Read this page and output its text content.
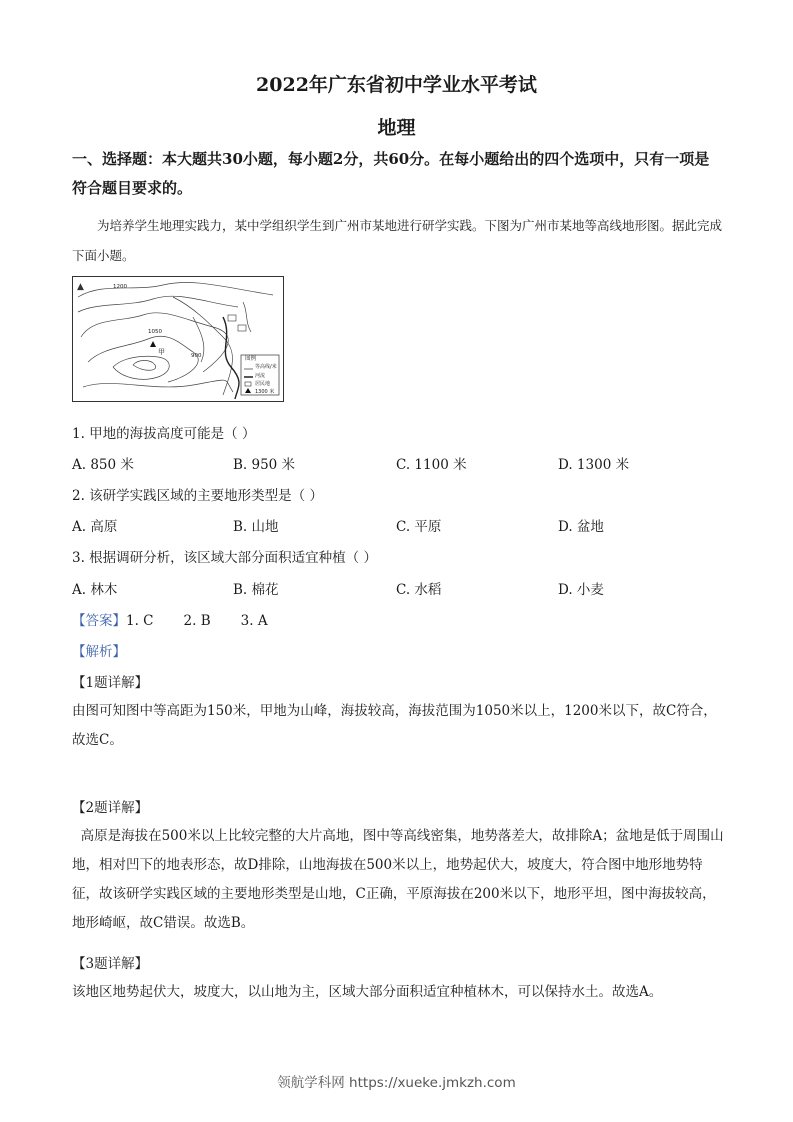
2022年广东省初中学业水平考试
地理
一、选择题：本大题共30小题，每小题2分，共60分。在每小题给出的四个选项中，只有一项是符合题目要求的。
为培养学生地理实践力，某中学组织学生到广州市某地进行研学实践。下图为广州市某地等高线地形图。据此完成下面小题。
▲
图例
等高线/米
河流
居民地
1300 米
1200
1050
900
甲
1. 甲地的海拔高度可能是（ ）
A. 850 米	B. 950 米	C. 1100 米	D. 1300 米
2. 该研学实践区域的主要地形类型是（ ）
A. 高原	B. 山地	C. 平原	D. 盆地
3. 根据调研分析，该区域大部分面积适宜种植（ ）
A. 林木	B. 棉花	C. 水稻	D. 小麦
【答案】1. C       2. B       3. A
【解析】
【1题详解】
由图可知图中等高距为150米，甲地为山峰，海拔较高，海拔范围为1050米以上，1200米以下，故C符合，故选C。
【2题详解】
高原是海拔在500米以上比较完整的大片高地，图中等高线密集，地势落差大，故排除A；盆地是低于周围山地，相对凹下的地表形态，故D排除，山地海拔在500米以上，地势起伏大，坡度大，符合图中地形地势特征，故该研学实践区域的主要地形类型是山地，C正确，平原海拔在200米以下，地形平坦，图中海拔较高，地形崎岖，故C错误。故选B。
【3题详解】
该地区地势起伏大，坡度大，以山地为主，区域大部分面积适宜种植林木，可以保持水土。故选A。
领航学科网 https://xueke.jmkzh.com
